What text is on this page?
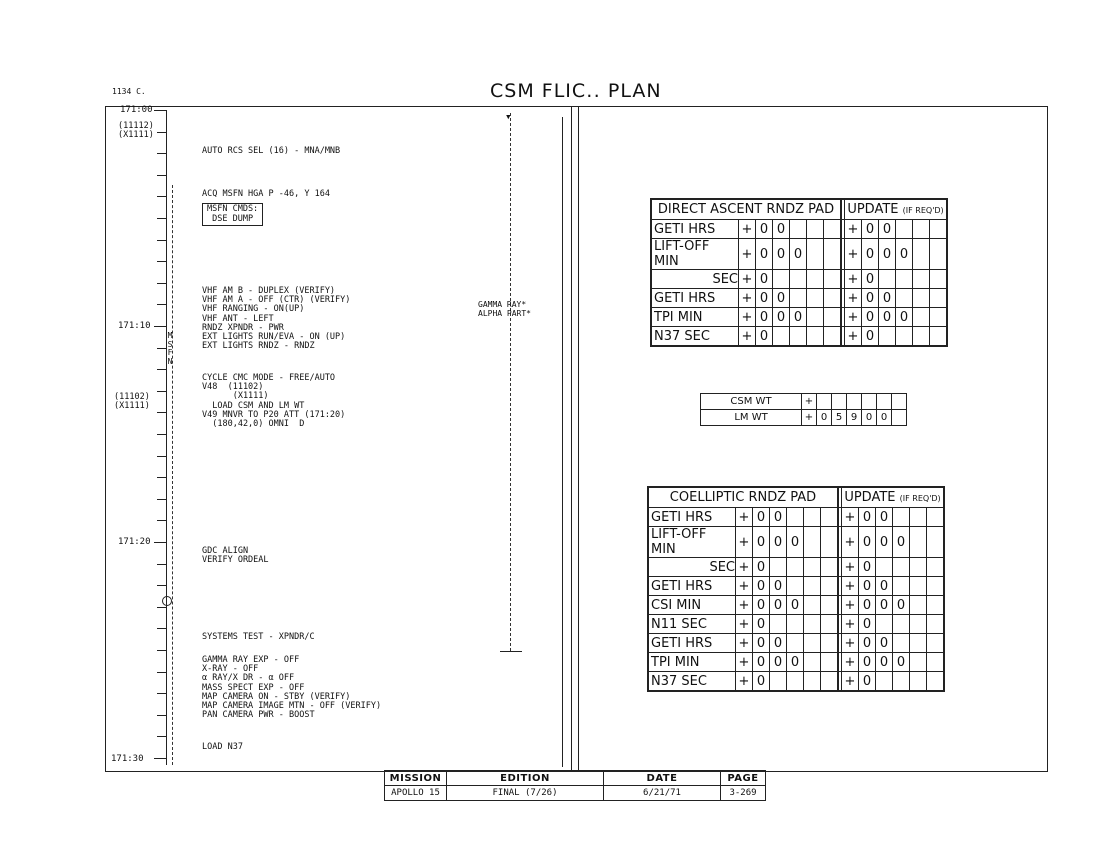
1134 C.	CSM FLIC․․ PLAN
M
S
F
N
171:00
171:10
171:20
171:30
(11112)
(X1111)
(11102)
(X1111)
AUTO RCS SEL (16) - MNA/MNB
ACQ MSFN HGA P -46, Y 164
MSFN CMDS:
DSE DUMP
VHF AM B - DUPLEX (VERIFY)
VHF AM A - OFF (CTR) (VERIFY)
VHF RANGING - ON(UP)
VHF ANT - LEFT
RNDZ XPNDR - PWR
EXT LIGHTS RUN/EVA - ON (UP)
EXT LIGHTS RNDZ - RNDZ
CYCLE CMC MODE - FREE/AUTO
V48  (11102)
(X1111)
LOAD CSM AND LM WT
V49 MNVR TO P20 ATT (171:20)
(180,42,0) OMNI  D
GDC ALIGN
VERIFY ORDEAL
SYSTEMS TEST - XPNDR/C
GAMMA RAY EXP - OFF
X-RAY - OFF
α RAY/X DR - α OFF
MASS SPECT EXP - OFF
MAP CAMERA ON - STBY (VERIFY)
MAP CAMERA IMAGE MTN - OFF (VERIFY)
PAN CAMERA PWR - BOOST
LOAD N37
▾
GAMMA RAY*
ALPHA PART*
DIRECT ASCENT RNDZ PAD								UPDATE (IF REQ'D)					
GETI HRS	+	0	0					+	0	0			
LIFT-OFF MIN	+	0	0	0				+	0	0	0		
SEC	+	0						+	0				
GETI HRS	+	0	0					+	0	0			
TPI MIN	+	0	0	0				+	0	0	0		
N37 SEC	+	0						+	0				
CSM WT	+						
LM WT	+	0	5	9	0	0	
COELLIPTIC RNDZ PAD								UPDATE (IF REQ'D)					
GETI HRS	+	0	0					+	0	0			
LIFT-OFF MIN	+	0	0	0				+	0	0	0		
SEC	+	0						+	0				
GETI HRS	+	0	0					+	0	0			
CSI MIN	+	0	0	0				+	0	0	0		
N11 SEC	+	0						+	0				
GETI HRS	+	0	0					+	0	0			
TPI MIN	+	0	0	0				+	0	0	0		
N37 SEC	+	0						+	0				
MISSION	EDITION	DATE	PAGE
APOLLO 15	FINAL (7/26)	6/21/71	3-269
